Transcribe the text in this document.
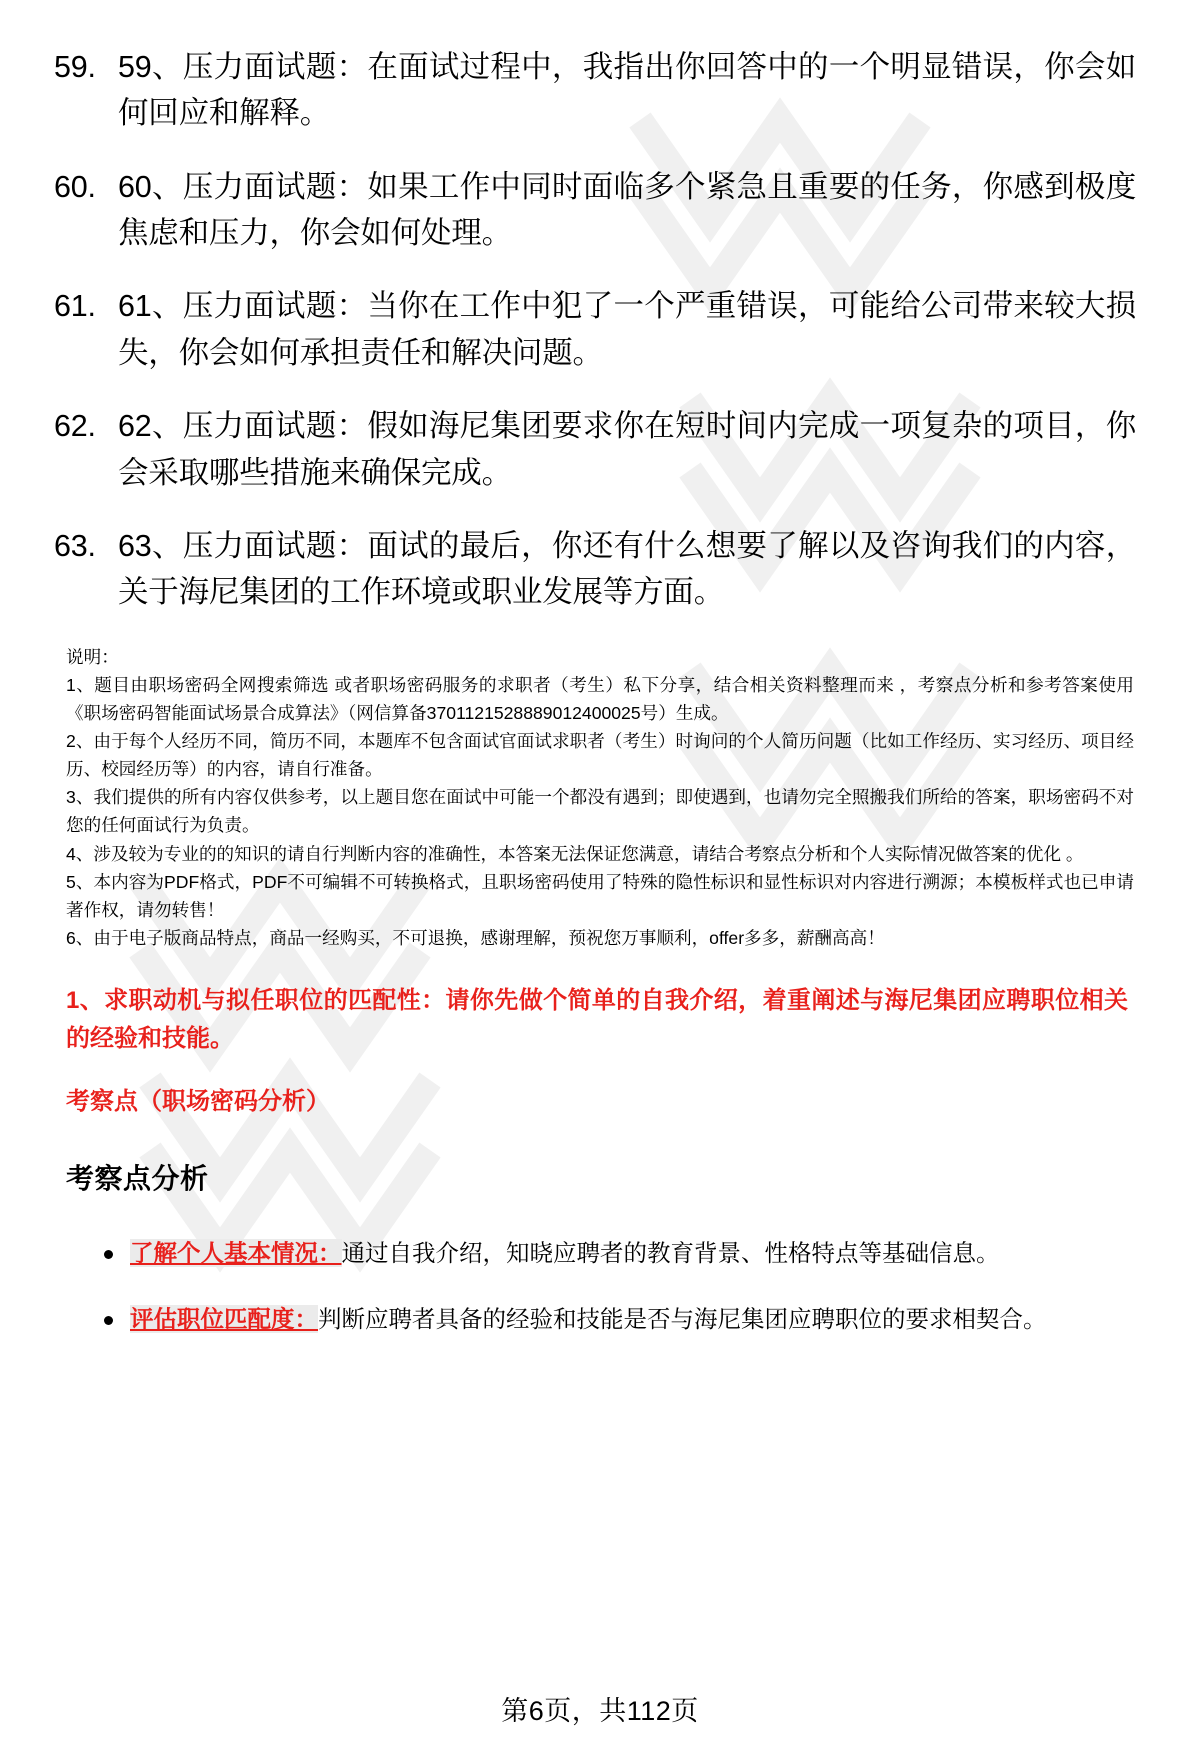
59. 59、压力面试题：在面试过程中，我指出你回答中的一个明显错误，你会如何回应和解释。
60. 60、压力面试题：如果工作中同时面临多个紧急且重要的任务，你感到极度焦虑和压力，你会如何处理。
61. 61、压力面试题：当你在工作中犯了一个严重错误，可能给公司带来较大损失，你会如何承担责任和解决问题。
62. 62、压力面试题：假如海尼集团要求你在短时间内完成一项复杂的项目，你会采取哪些措施来确保完成。
63. 63、压力面试题：面试的最后，你还有什么想要了解以及咨询我们的内容，关于海尼集团的工作环境或职业发展等方面。

说明：

1、题目由职场密码全网搜索筛选 或者职场密码服务的求职者（考生）私下分享，结合相关资料整理而来 ，考察点分析和参考答案使用《职场密码智能面试场景合成算法》（网信算备3701121528889012400025号）生成。

2、由于每个人经历不同，简历不同，本题库不包含面试官面试求职者（考生）时询问的个人简历问题（比如工作经历、实习经历、项目经历、校园经历等）的内容，请自行准备。

3、我们提供的所有内容仅供参考，以上题目您在面试中可能一个都没有遇到；即使遇到，也请勿完全照搬我们所给的答案，职场密码不对您的任何面试行为负责。

4、涉及较为专业的的知识的请自行判断内容的准确性，本答案无法保证您满意，请结合考察点分析和个人实际情况做答案的优化 。

5、本内容为PDF格式，PDF不可编辑不可转换格式，且职场密码使用了特殊的隐性标识和显性标识对内容进行溯源；本模板样式也已申请著作权，请勿转售！

6、由于电子版商品特点，商品一经购买，不可退换，感谢理解，预祝您万事顺利，offer多多，薪酬高高！

1、求职动机与拟任职位的匹配性：请你先做个简单的自我介绍，着重阐述与海尼集团应聘职位相关的经验和技能。
考察点（职场密码分析）
考察点分析
了解个人基本情况：通过自我介绍，知晓应聘者的教育背景、性格特点等基础信息。
评估职位匹配度：判断应聘者具备的经验和技能是否与海尼集团应聘职位的要求相契合。
第6页，共112页
